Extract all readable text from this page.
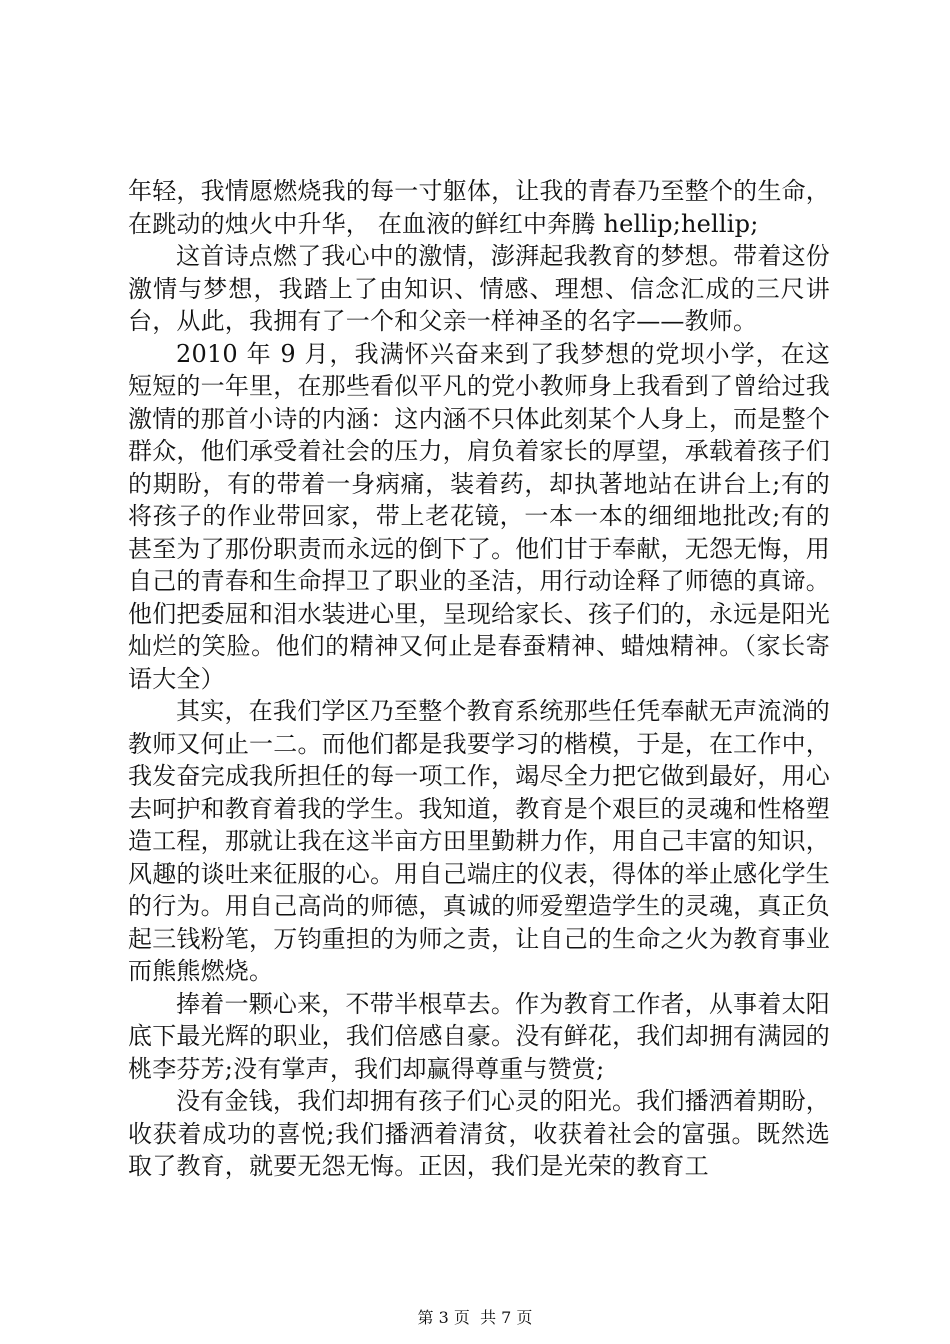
年轻，我情愿燃烧我的每一寸躯体，让我的青春乃至整个的生命， 在跳动的烛火中升华， 在血液的鲜红中奔腾 hellip;hellip;

这首诗点燃了我心中的激情，澎湃起我教育的梦想。带着这份激情与梦想，我踏上了由知识、情感、理想、信念汇成的三尺讲台，从此，我拥有了一个和父亲一样神圣的名字——教师。

2010 年 9 月，我满怀兴奋来到了我梦想的党坝小学，在这短短的一年里，在那些看似平凡的党小教师身上我看到了曾给过我激情的那首小诗的内涵：这内涵不只体此刻某个人身上，而是整个群众，他们承受着社会的压力，肩负着家长的厚望，承载着孩子们的期盼，有的带着一身病痛，装着药，却执著地站在讲台上;有的将孩子的作业带回家，带上老花镜，一本一本的细细地批改;有的甚至为了那份职责而永远的倒下了。他们甘于奉献，无怨无悔，用自己的青春和生命捍卫了职业的圣洁，用行动诠释了师德的真谛。他们把委屈和泪水装进心里，呈现给家长、孩子们的，永远是阳光灿烂的笑脸。他们的精神又何止是春蚕精神、蜡烛精神。（家长寄语大全）

其实，在我们学区乃至整个教育系统那些任凭奉献无声流淌的教师又何止一二。而他们都是我要学习的楷模，于是，在工作中，我发奋完成我所担任的每一项工作，竭尽全力把它做到最好，用心去呵护和教育着我的学生。我知道，教育是个艰巨的灵魂和性格塑造工程，那就让我在这半亩方田里勤耕力作，用自己丰富的知识，风趣的谈吐来征服的心。用自己端庄的仪表，得体的举止感化学生的行为。用自己高尚的师德，真诚的师爱塑造学生的灵魂，真正负起三钱粉笔，万钧重担的为师之责，让自己的生命之火为教育事业而熊熊燃烧。

捧着一颗心来，不带半根草去。作为教育工作者，从事着太阳底下最光辉的职业，我们倍感自豪。没有鲜花，我们却拥有满园的桃李芬芳;没有掌声，我们却赢得尊重与赞赏;

没有金钱，我们却拥有孩子们心灵的阳光。我们播洒着期盼，收获着成功的喜悦;我们播洒着清贫，收获着社会的富强。既然选取了教育，就要无怨无悔。正因，我们是光荣的教育工

第 3 页  共 7 页
